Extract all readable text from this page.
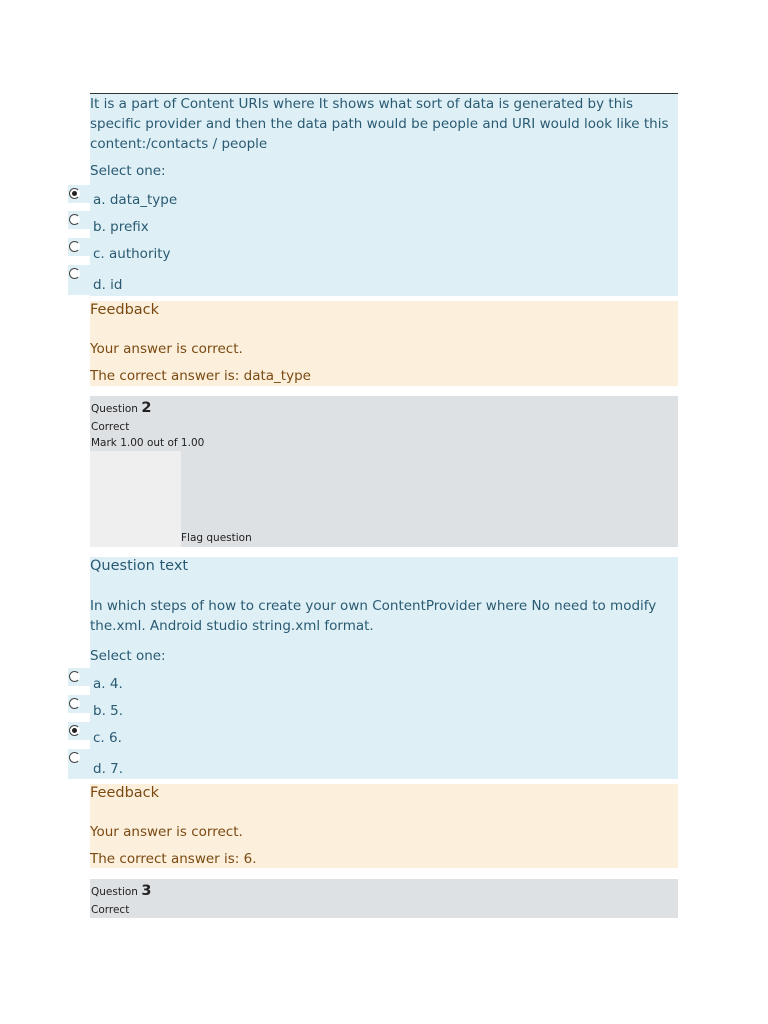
It is a part of Content URIs where It shows what sort of data is generated by this specific provider and then the data path would be people and URI would look like this content:/contacts / people
Select one:
a. data_type
b. prefix
c. authority
d. id
Feedback
Your answer is correct.
The correct answer is: data_type
Question 2
Correct
Mark 1.00 out of 1.00
Flag question
Question text
In which steps of how to create your own ContentProvider where No need to modify the.xml. Android studio string.xml format.
Select one:
a. 4.
b. 5.
c. 6.
d. 7.
Feedback
Your answer is correct.
The correct answer is: 6.
Question 3
Correct
